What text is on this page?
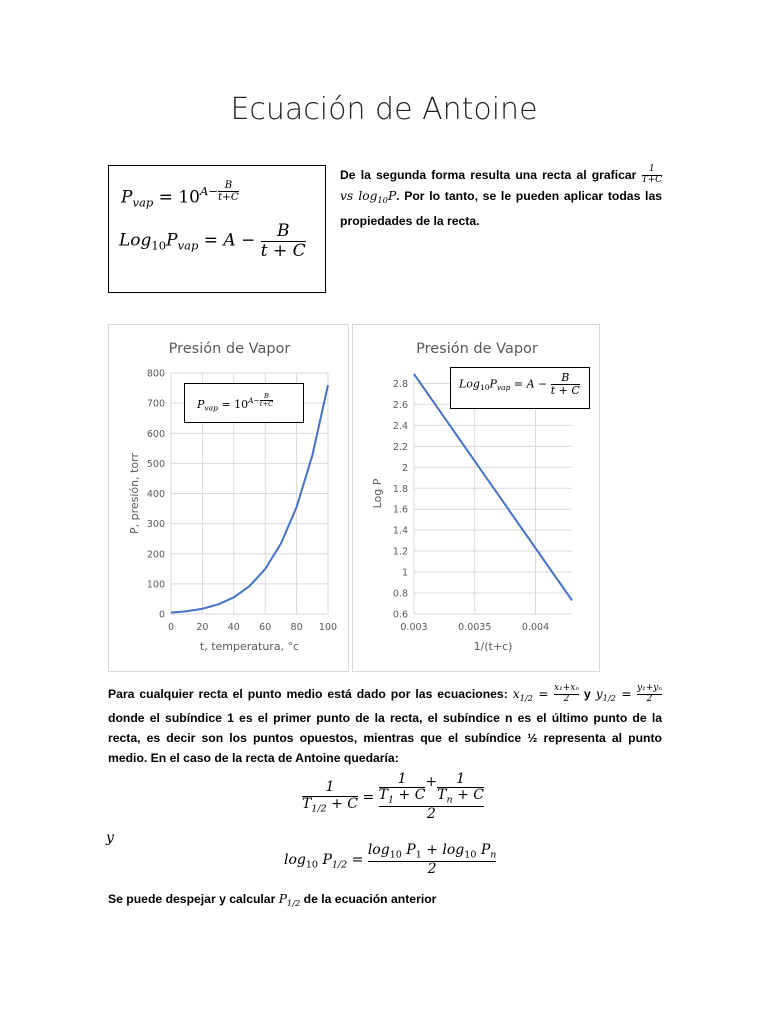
Ecuación de Antoine
$P_{vap} = 10^{A- \frac{B}{t+C}}$
$Log_{10}P_{vap} = A - \frac{B}{t + C}$
De la segunda forma resulta una recta al graficar $\frac{1}{T+C}$
vs $\log_{10}P$. Por lo tanto, se le pueden aplicar todas las propiedades de la recta.
Presión de Vapor
0
100
200
300
400
500
600
700
800
0 20 40 60 80 100
t, temperatura, °c
P, presión, torr
$P_{vap} = 10^{A- \frac{B}{t+C}}$
Presión de Vapor
0.6
0.8
1
1.2
1.4
1.6
1.8
2
2.2
2.4
2.6
2.8
0.003	0.0035	0.004
1/(t+c)
Log P
$Log_{10}P_{vap} = A - \frac{B}{t + C}$
Para cualquier recta el punto medio está dado por las ecuaciones: $x_{1/2} = \frac{\text{x₁+xₙ}}{2}$ y $y_{1/2} = \frac{\text{y₁+yₙ}}{2}$
donde el subíndice 1 es el primer punto de la recta, el subíndice n es el último punto de la recta, es decir son los puntos opuestos, mientras que el subíndice ½ representa al punto medio. En el caso de la recta de Antoine quedaría:
$\frac{1}{T_{1/2} + C} = \frac{\frac{1}{T_1 + C} + \frac{1}{T_n + C}}{2}$
y
$\log_{10} P_{1/2} = \frac{\log_{10} P_1 + \log_{10} P_n}{2}$
Se puede despejar y calcular $P_{1/2}$ de la ecuación anterior
